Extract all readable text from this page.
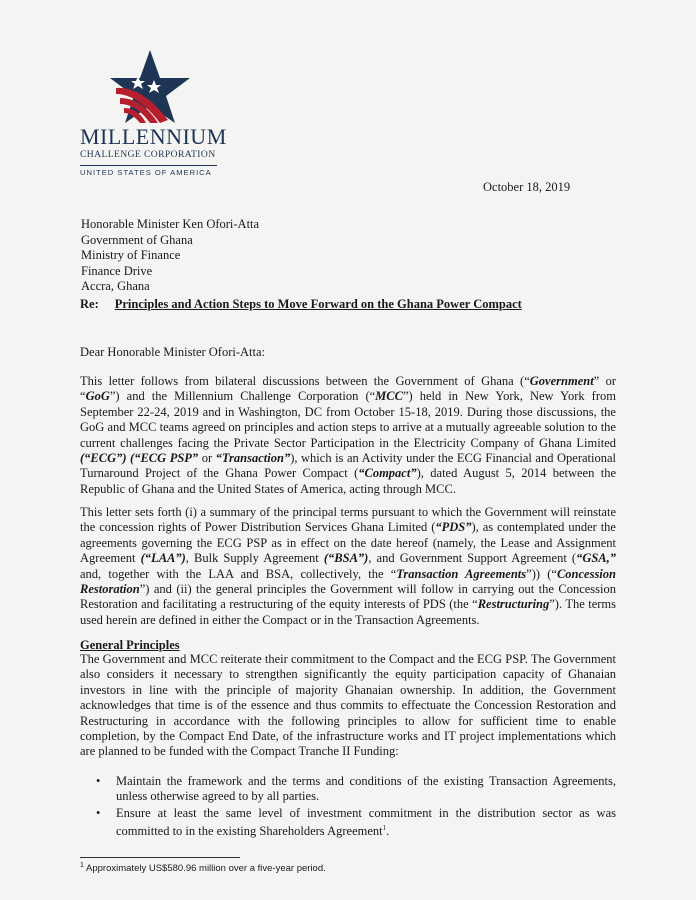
MILLENNIUM
CHALLENGE CORPORATION
UNITED STATES OF AMERICA
October 18, 2019
Honorable Minister Ken Ofori-Atta
Government of Ghana
Ministry of Finance
Finance Drive
Accra, Ghana
Re: Principles and Action Steps to Move Forward on the Ghana Power Compact
Dear Honorable Minister Ofori-Atta:

This letter follows from bilateral discussions between the Government of Ghana (“Government” or “GoG”) and the Millennium Challenge Corporation (“MCC”) held in New York, New York from September 22-24, 2019 and in Washington, DC from October 15-18, 2019. During those discussions, the GoG and MCC teams agreed on principles and action steps to arrive at a mutually agreeable solution to the current challenges facing the Private Sector Participation in the Electricity Company of Ghana Limited (“ECG”) (“ECG PSP” or “Transaction”), which is an Activity under the ECG Financial and Operational Turnaround Project of the Ghana Power Compact (“Compact”), dated August 5, 2014 between the Republic of Ghana and the United States of America, acting through MCC.

This letter sets forth (i) a summary of the principal terms pursuant to which the Government will reinstate the concession rights of Power Distribution Services Ghana Limited (“PDS”), as contemplated under the agreements governing the ECG PSP as in effect on the date hereof (namely, the Lease and Assignment Agreement (“LAA”), Bulk Supply Agreement (“BSA”), and Government Support Agreement (“GSA,” and, together with the LAA and BSA, collectively, the “Transaction Agreements”)) (“Concession Restoration”) and (ii) the general principles the Government will follow in carrying out the Concession Restoration and facilitating a restructuring of the equity interests of PDS (the “Restructuring”). The terms used herein are defined in either the Compact or in the Transaction Agreements.

General Principles

The Government and MCC reiterate their commitment to the Compact and the ECG PSP. The Government also considers it necessary to strengthen significantly the equity participation capacity of Ghanaian investors in line with the principle of majority Ghanaian ownership. In addition, the Government acknowledges that time is of the essence and thus commits to effectuate the Concession Restoration and Restructuring in accordance with the following principles to allow for sufficient time to enable completion, by the Compact End Date, of the infrastructure works and IT project implementations which are planned to be funded with the Compact Tranche II Funding:

• Maintain the framework and the terms and conditions of the existing Transaction Agreements, unless otherwise agreed to by all parties.
• Ensure at least the same level of investment commitment in the distribution sector as was committed to in the existing Shareholders Agreement$^1$.
$^1$ Approximately US$580.96 million over a five-year period.
